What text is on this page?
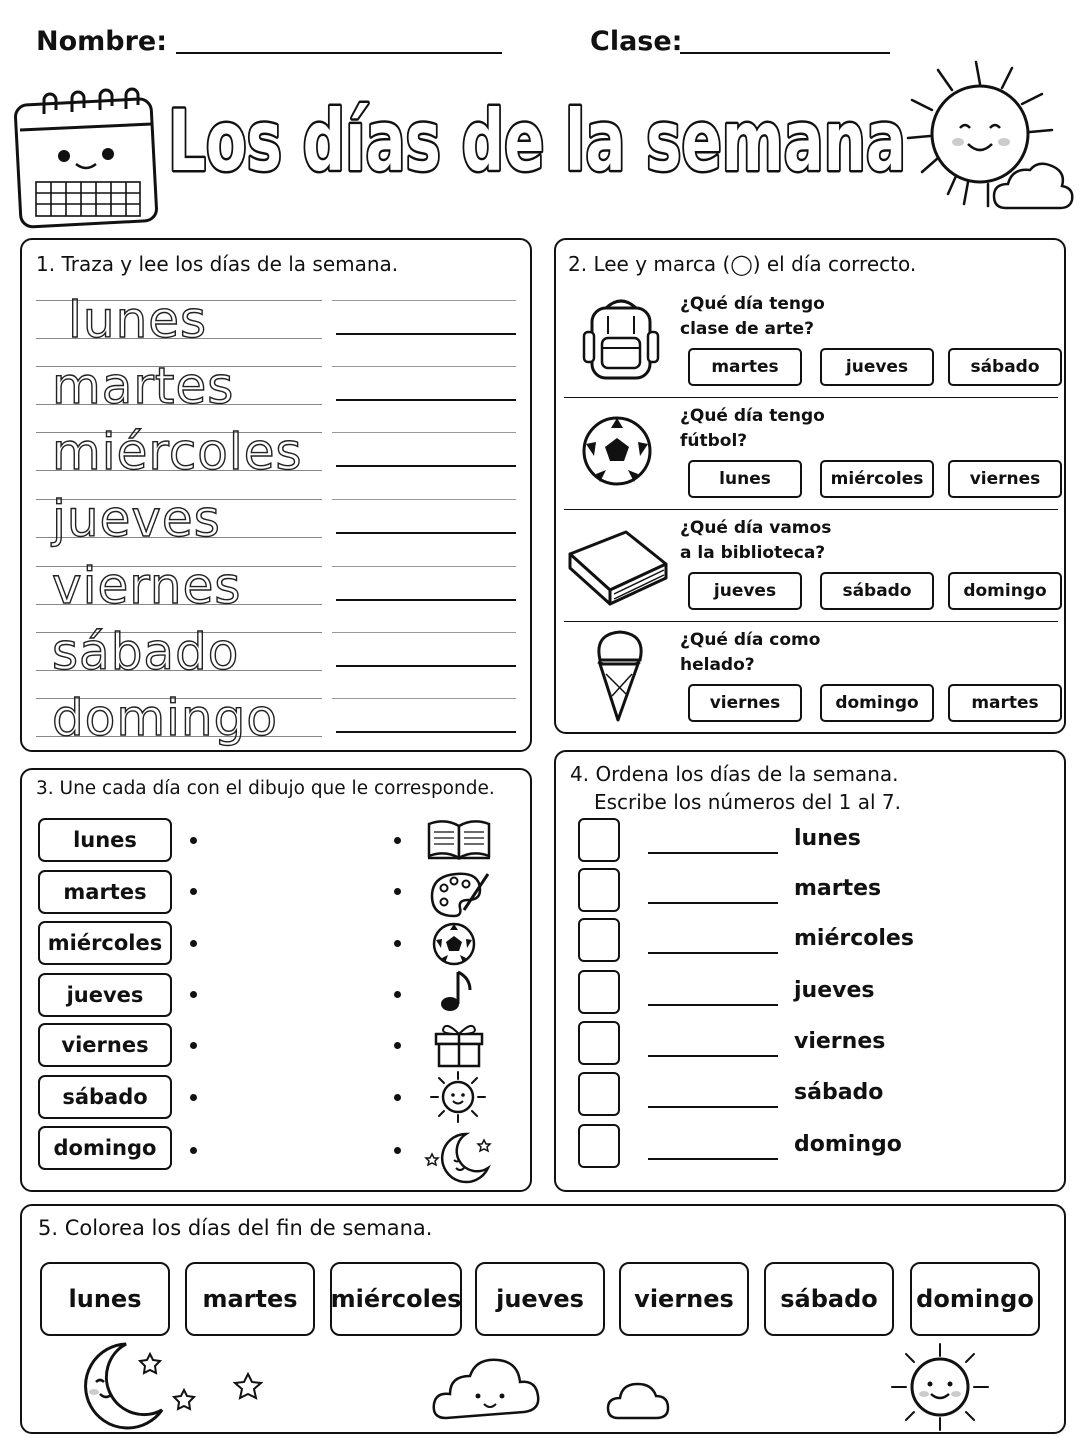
Nombre:	Clase:
Los días de la semana
1. Traza y lee los días de la semana.
lunes
martes
miércoles
jueves
viernes
sábado
domingo
2. Lee y marca (◯) el día correcto.
¿Qué día tengo
clase de arte?
martes	jueves	sábado
¿Qué día tengo
fútbol?
lunes	miércoles	viernes
¿Qué día vamos
a la biblioteca?
jueves	sábado	domingo
¿Qué día como
helado?
viernes	domingo	martes
3. Une cada día con el dibujo que le corresponde.
lunes
martes
miércoles
jueves
viernes
sábado
domingo
4. Ordena los días de la semana.
Escribe los números del 1 al 7.
lunes
martes
miércoles
jueves
viernes
sábado
domingo
5. Colorea los días del fin de semana.
lunes	martes	miércoles	jueves	viernes	sábado	domingo
